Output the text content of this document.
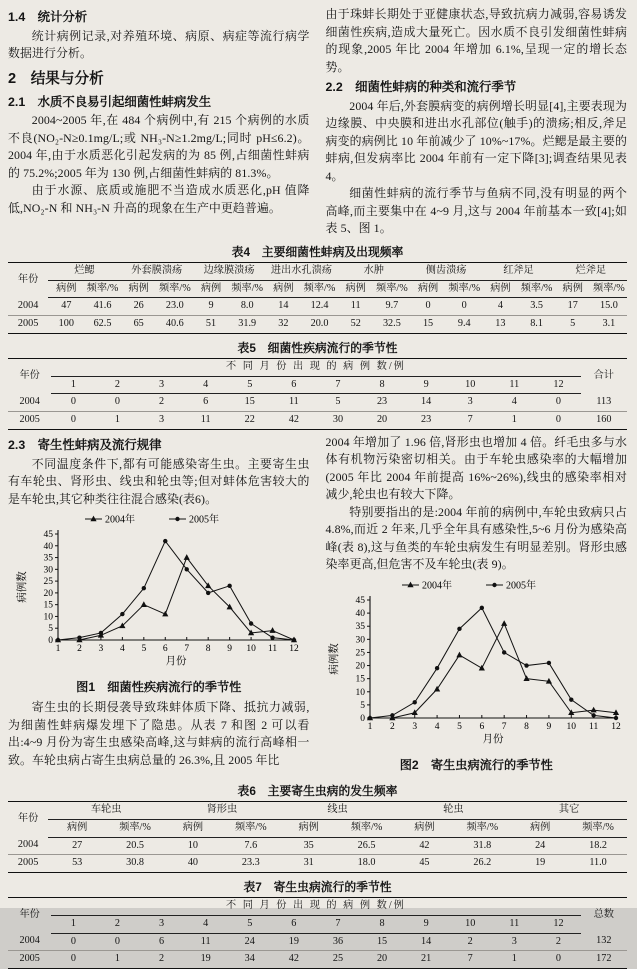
1.4　统计分析

统计病例记录,对养殖环境、病原、病症等流行病学数据进行分析。

2　结果与分析
2.1　水质不良易引起细菌性蚌病发生

2004~2005 年,在 484 个病例中,有 215 个病例的水质不良(NO₂-N≥0.1mg/L;或 NH₃-N≥1.2mg/L;同时 pH≤6.2)。2004 年,由于水质恶化引起发病的为 85 例,占细菌性蚌病的 75.2%;2005 年为 130 例,占细菌性蚌病的 81.3%。

由于水源、底质或施肥不当造成水质恶化,pH 值降低,NO₂-N 和 NH₃-N 升高的现象在生产中更趋普遍。

由于珠蚌长期处于亚健康状态,导致抗病力减弱,容易诱发细菌性疾病,造成大量死亡。因水质不良引发细菌性蚌病的现象,2005 年比 2004 年增加 6.1%,呈现一定的增长态势。

2.2　细菌性蚌病的种类和流行季节

2004 年后,外套膜病变的病例增长明显[4],主要表现为边缘膜、中央膜和进出水孔部位(触手)的溃疡;相反,斧足病变的病例比 10 年前减少了 10%~17%。烂鳃是最主要的蚌病,但发病率比 2004 年前有一定下降[3];调查结果见表 4。

细菌性蚌病的流行季节与鱼病不同,没有明显的两个高峰,而主要集中在 4~9 月,这与 2004 年前基本一致[4];如表 5、图 1。

表4　主要细菌性蚌病及出现频率
年份	烂鳃		外套膜溃疡		边缘膜溃疡		进出水孔溃疡		水肿		侧齿溃疡		红斧足		烂斧足	
	病例	频率/%	病例	频率/%	病例	频率/%	病例	频率/%	病例	频率/%	病例	频率/%	病例	频率/%	病例	频率/%
2004	47	41.6	26	23.0	9	8.0	14	12.4	11	9.7	0	0	4	3.5	17	15.0
2005	100	62.5	65	40.6	51	31.9	32	20.0	52	32.5	15	9.4	13	8.1	5	3.1
表5　细菌性疾病流行的季节性
年份	不 同 月 份 出 现 的 病 例 数/例												合计
	1	2	3	4	5	6	7	8	9	10	11	12	
2004	0	0	2	6	15	11	5	23	14	3	4	0	113
2005	0	1	3	11	22	42	30	20	23	7	1	0	160
2.3　寄生性蚌病及流行规律

不同温度条件下,都有可能感染寄生虫。主要寄生虫有车轮虫、肾形虫、线虫和轮虫等;但对蚌体危害较大的是车轮虫,其它种类往往混合感染(表6)。

0
5
10
15
20
25
30
35
40
45
1 2 3 4 5 6 7 8 9 10 11 12
月份
病例数
2004年	2005年
图1　细菌性疾病流行的季节性

寄生虫的长期侵袭导致珠蚌体质下降、抵抗力减弱,为细菌性蚌病爆发埋下了隐患。从表 7 和图 2 可以看出:4~9 月份为寄生虫感染高峰,这与蚌病的流行高峰相一致。车轮虫病占寄生虫病总量的 26.3%,且 2005 年比

2004 年增加了 1.96 倍,肾形虫也增加 4 倍。纤毛虫多与水体有机物污染密切相关。由于车轮虫感染率的大幅增加(2005 年比 2004 年前提高 16%~26%),线虫的感染率相对减少,轮虫也有较大下降。

特别要指出的是:2004 年前的病例中,车轮虫致病只占 4.8%,而近 2 年来,几乎全年具有感染性,5~6 月份为感染高峰(表 8),这与鱼类的车轮虫病发生有明显差别。肾形虫感染率更高,但危害不及车轮虫(表 9)。

0
5
10
15
20
25
30
35
40
45
1 2 3 4 5 6 7 8 9 10 11 12
月份
病例数
2004年	2005年
图2　寄生虫病流行的季节性
表6　主要寄生虫病的发生频率
年份	车轮虫		肾形虫		线虫		轮虫		其它	
	病例	频率/%	病例	频率/%	病例	频率/%	病例	频率/%	病例	频率/%
2004	27	20.5	10	7.6	35	26.5	42	31.8	24	18.2
2005	53	30.8	40	23.3	31	18.0	45	26.2	19	11.0
表7　寄生虫病流行的季节性
年份	不 同 月 份 出 现 的 病 例 数/例												总数
	1	2	3	4	5	6	7	8	9	10	11	12	
2004	0	0	6	11	24	19	36	15	14	2	3	2	132
2005	0	1	2	19	34	42	25	20	21	7	1	0	172
